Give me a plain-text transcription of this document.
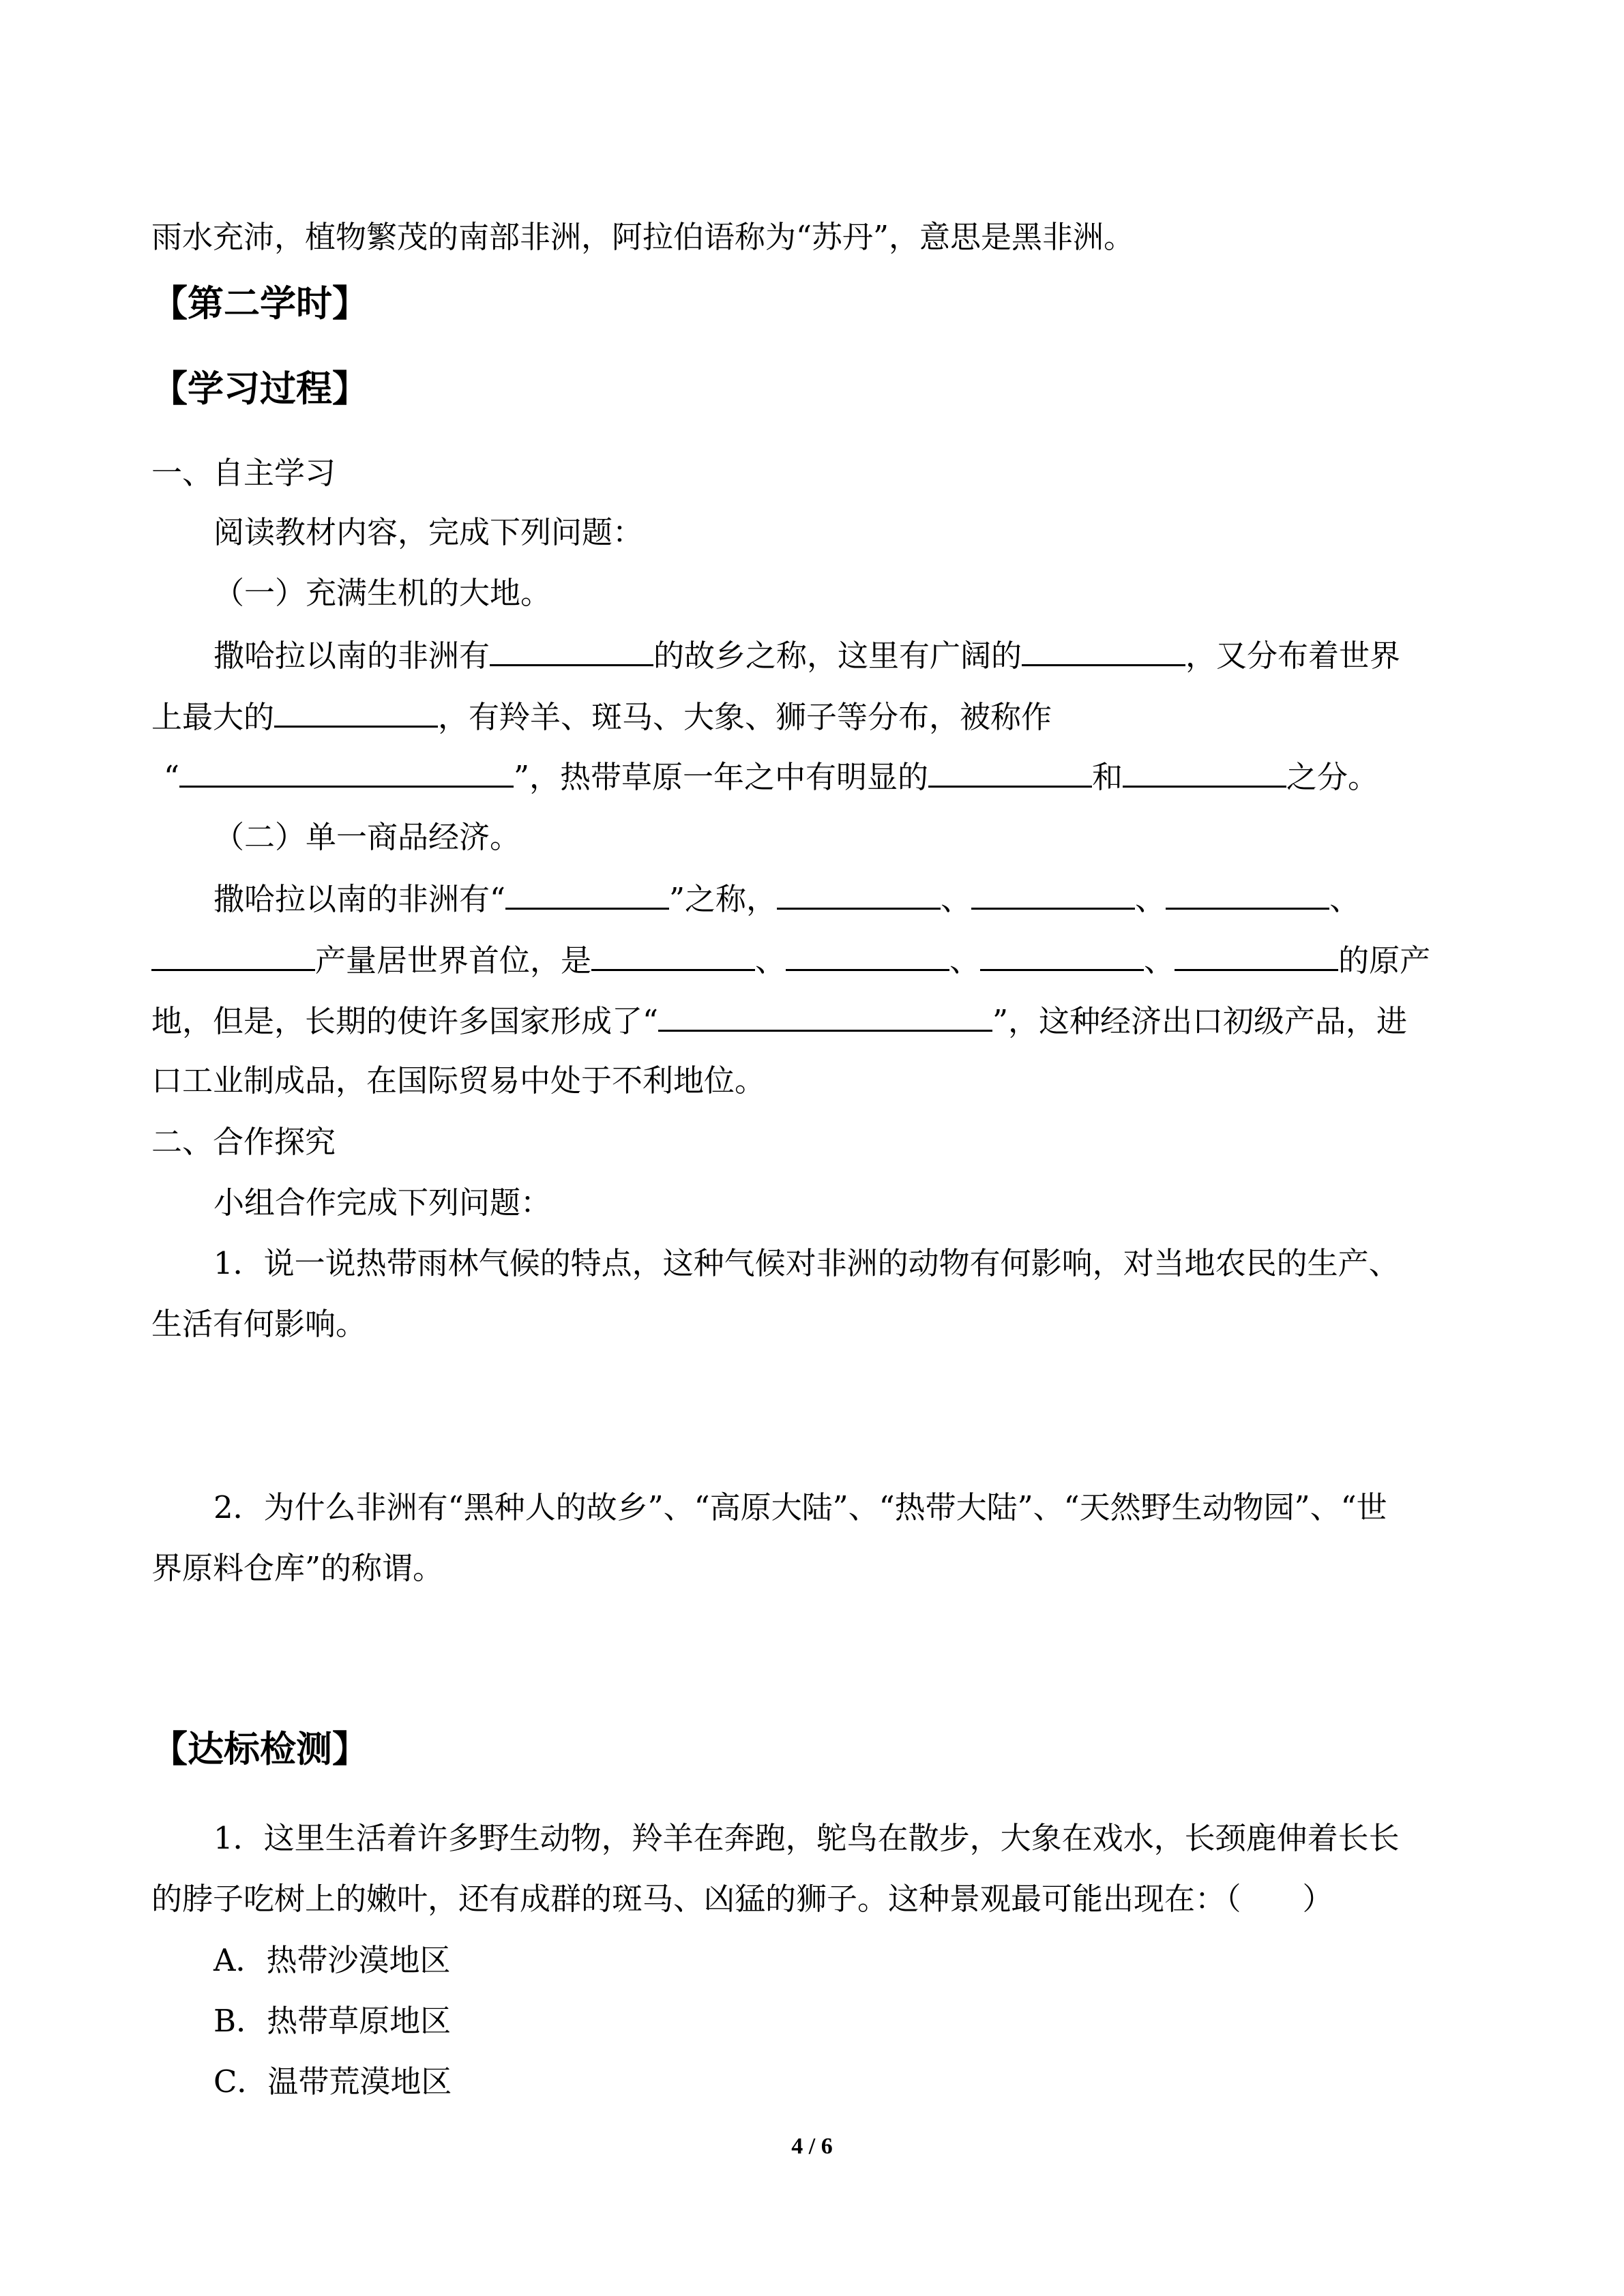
雨水充沛，植物繁茂的南部非洲，阿拉伯语称为“苏丹”，意思是黑非洲。

【第二学时】

【学习过程】

一、自主学习

阅读教材内容，完成下列问题：

（一）充满生机的大地。

撒哈拉以南的非洲有	的故乡之称，这里有广阔的	，又分布着世界

上最大的	，有羚羊、斑马、大象、狮子等分布，被称作

“	”，热带草原一年之中有明显的	和	之分。

（二）单一商品经济。

撒哈拉以南的非洲有“	”之称，	、	、	、

产量居世界首位，是	、	、	、	的原产

地，但是，长期的使许多国家形成了“	”，这种经济出口初级产品，进

口工业制成品，在国际贸易中处于不利地位。

二、合作探究

小组合作完成下列问题：

1．说一说热带雨林气候的特点，这种气候对非洲的动物有何影响，对当地农民的生产、

生活有何影响。

2．为什么非洲有“黑种人的故乡”、“高原大陆”、“热带大陆”、“天然野生动物园”、“世

界原料仓库”的称谓。

【达标检测】

1．这里生活着许多野生动物，羚羊在奔跑，鸵鸟在散步，大象在戏水，长颈鹿伸着长长

的脖子吃树上的嫩叶，还有成群的斑马、凶猛的狮子。这种景观最可能出现在：（　　）

A．热带沙漠地区

B．热带草原地区

C．温带荒漠地区

4 / 6
